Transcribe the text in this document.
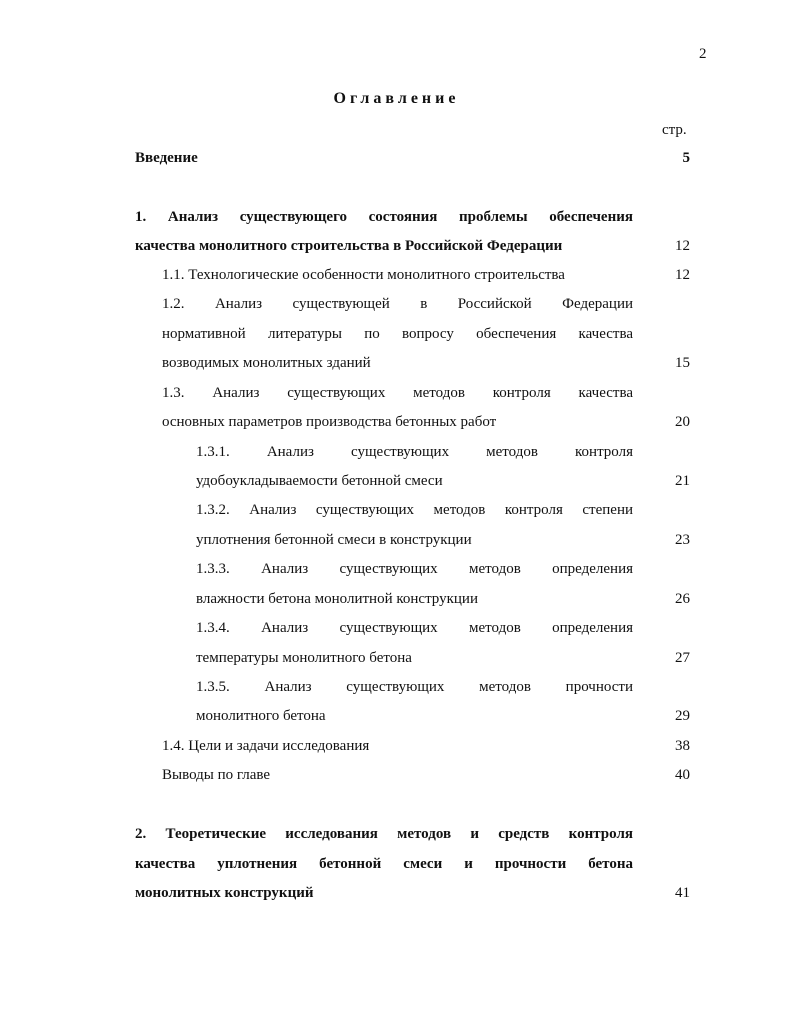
2
Оглавление
стр.
Введение	5
1. Анализ существующего состояния проблемы обеспечения
качества монолитного строительства в Российской Федерации	12
1.1. Технологические особенности монолитного строительства	12
1.2. Анализ существующей в Российской Федерации
нормативной литературы по вопросу обеспечения качества
возводимых монолитных зданий	15
1.3. Анализ существующих методов контроля качества
основных параметров производства бетонных работ	20
1.3.1. Анализ существующих методов контроля
удобоукладываемости бетонной смеси	21
1.3.2. Анализ существующих методов контроля степени
уплотнения бетонной смеси в конструкции	23
1.3.3. Анализ существующих методов определения
влажности бетона монолитной конструкции	26
1.3.4. Анализ существующих методов определения
температуры монолитного бетона	27
1.3.5. Анализ существующих методов прочности
монолитного бетона	29
1.4. Цели и задачи исследования	38
Выводы по главе	40
2. Теоретические исследования методов и средств контроля
качества уплотнения бетонной смеси и прочности бетона
монолитных конструкций	41
